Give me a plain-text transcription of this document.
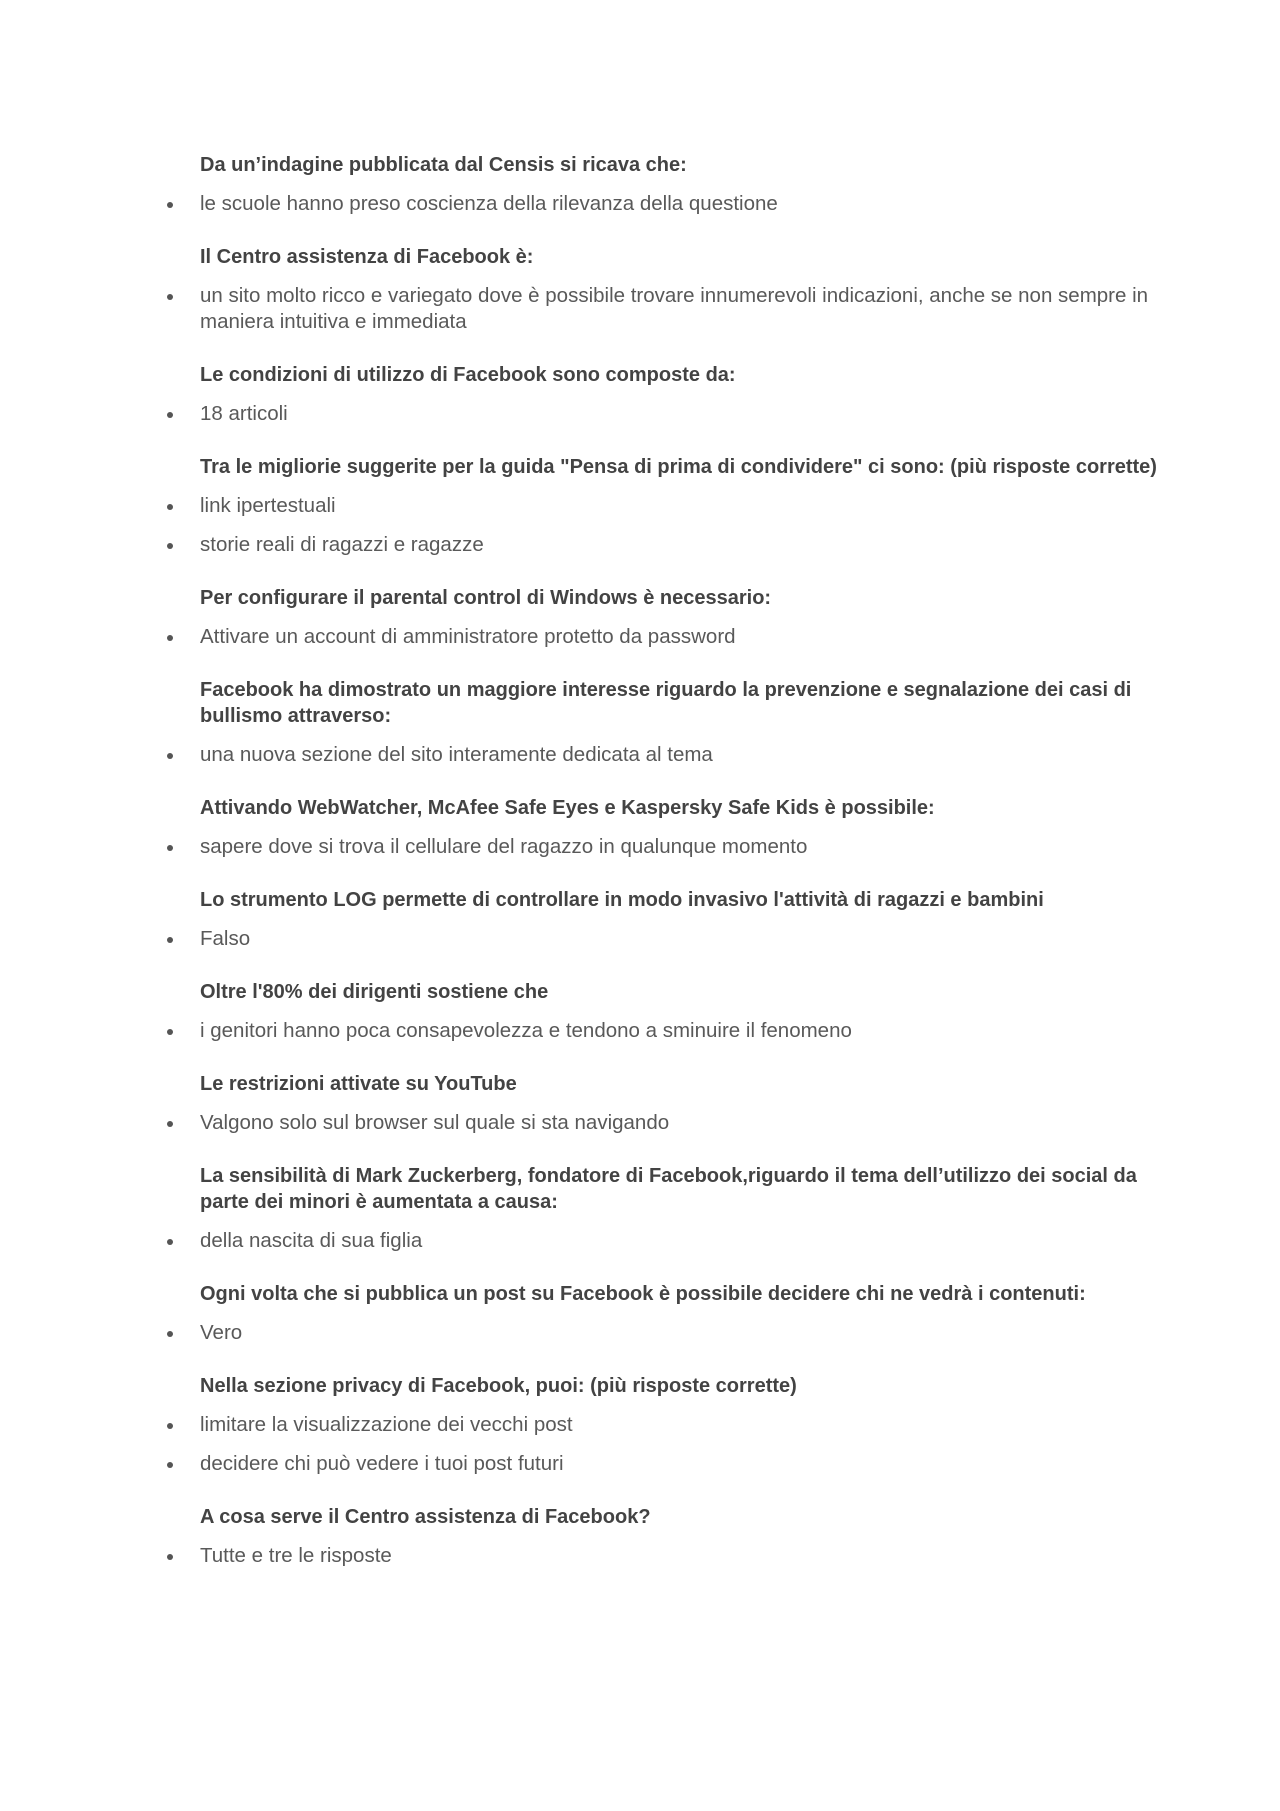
Da un’indagine pubblicata dal Censis si ricava che:
le scuole hanno preso coscienza della rilevanza della questione
Il Centro assistenza di Facebook è:
un sito molto ricco e variegato dove è possibile trovare innumerevoli indicazioni, anche se non sempre in maniera intuitiva e immediata
Le condizioni di utilizzo di Facebook sono composte da:
18 articoli
Tra le migliorie suggerite per la guida "Pensa di prima di condividere" ci sono: (più risposte corrette)
link ipertestuali
storie reali di ragazzi e ragazze
Per configurare il parental control di Windows è necessario:
Attivare un account di amministratore protetto da password
Facebook ha dimostrato un maggiore interesse riguardo la prevenzione e segnalazione dei casi di bullismo attraverso:
una nuova sezione del sito interamente dedicata al tema
Attivando WebWatcher, McAfee Safe Eyes e Kaspersky Safe Kids è possibile:
sapere dove si trova il cellulare del ragazzo in qualunque momento
Lo strumento LOG permette di controllare in modo invasivo l'attività di ragazzi e bambini
Falso
Oltre l'80% dei dirigenti sostiene che
i genitori hanno poca consapevolezza e tendono a sminuire il fenomeno
Le restrizioni attivate su YouTube
Valgono solo sul browser sul quale si sta navigando
La sensibilità di Mark Zuckerberg, fondatore di Facebook,riguardo il tema dell’utilizzo dei social da parte dei minori è aumentata a causa:
della nascita di sua figlia
Ogni volta che si pubblica un post su Facebook è possibile decidere chi ne vedrà i contenuti:
Vero
Nella sezione privacy di Facebook, puoi: (più risposte corrette)
limitare la visualizzazione dei vecchi post
decidere chi può vedere i tuoi post futuri
A cosa serve il Centro assistenza di Facebook?
Tutte e tre le risposte
